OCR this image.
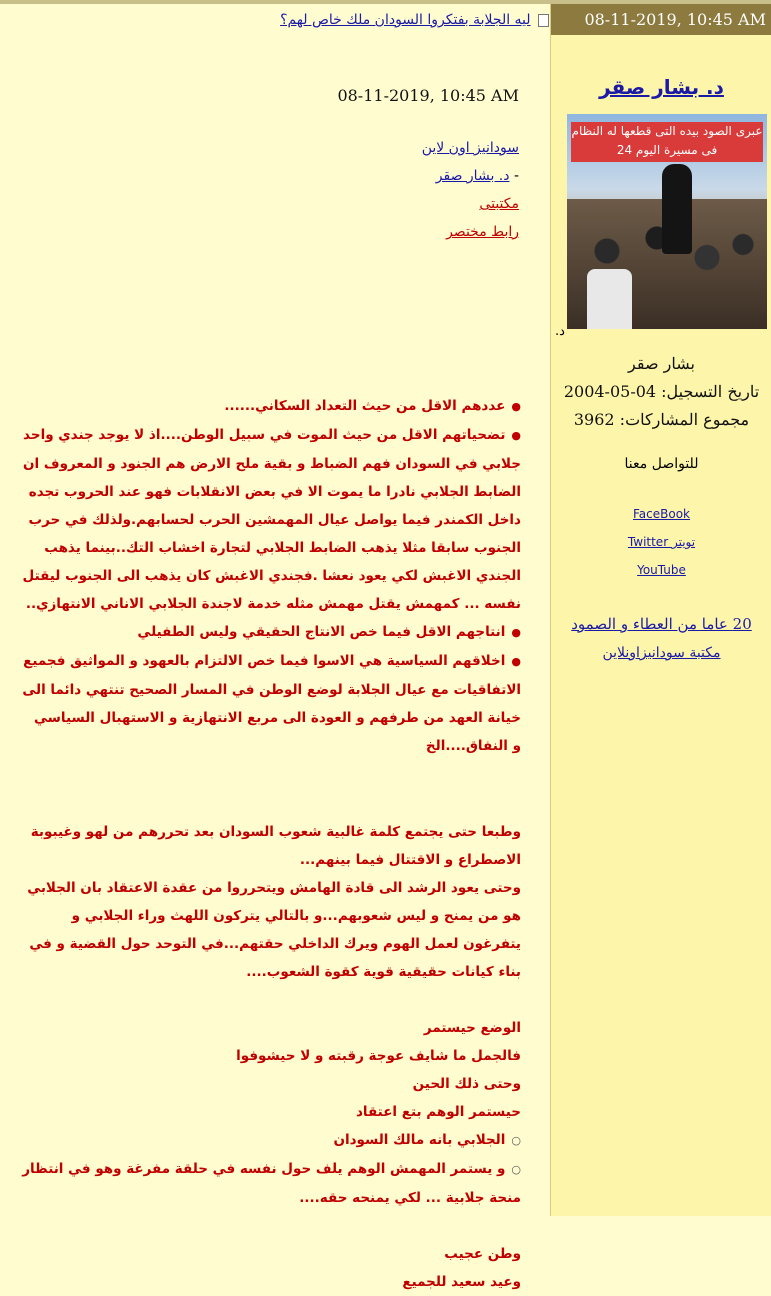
ليه الجلابة بفتكروا السودان ملك خاص لهم؟
08-11-2019, 10:45 AM
سودانيز اون لاين
- د. بشار صقر
مكتبتى
رابط مختصر

● عددهم الاقل من حيث التعداد السكاني......

● تضحياتهم الاقل من حيث الموت في سبيل الوطن....اذ لا يوجد جندي واحد جلابي في السودان فهم الضباط و بقية ملح الارض هم الجنود و المعروف ان الضابط الجلابي نادرا ما يموت الا في بعض الانقلابات فهو عند الحروب تجده داخل الكمندر فيما يواصل عيال المهمشين الحرب لحسابهم.ولذلك في حرب الجنوب سابقا مثلا يذهب الضابط الجلابي لتجارة اخشاب التك..بينما يذهب الجندي الاغبش لكي يعود نعشا .فجندي الاغبش كان يذهب الى الجنوب ليقتل نفسه ... كمهمش يقتل مهمش مثله خدمة لاجندة الجلابي الاناني الانتهازي..

● انتاجهم الاقل فيما خص الانتاج الحقيقي وليس الطفيلي

● اخلاقهم السياسية هي الاسوا فيما خص الالتزام بالعهود و المواثيق فجميع الاتفاقيات مع عيال الجلابة لوضع الوطن في المسار الصحيح تنتهي دائما الى خيانة العهد من طرفهم و العودة الى مربع الانتهازية و الاستهبال السياسي و النفاق....الخ

وطبعا حتى يجتمع كلمة غالبية شعوب السودان بعد تحررهم من لهو وغيبوبة الاصطراع و الاقتتال فيما بينهم...

وحتى يعود الرشد الى قادة الهامش ويتحرروا من عقدة الاعتقاد بان الجلابي هو من يمنح و ليس شعوبهم...و بالتالي يتركون اللهث وراء الجلابي و يتفرغون لعمل الهوم ويرك الداخلي حقتهم...في التوحد حول القضية و في بناء كيانات حقيقية قوية كقوة الشعوب....

الوضع حيستمر

فالجمل ما شايف عوجة رقبته و لا حيشوفوا

وحتى ذلك الحين

حيستمر الوهم بتع اعتقاد

○ الجلابي بانه مالك السودان

○ و يستمر المهمش الوهم يلف حول نفسه في حلقة مفرغة وهو في انتظار منحة جلابية ... لكي يمنحه حقه....

وطن عجيب

وعيد سعيد للجميع

08-11-2019, 10:45 AM
د. بشار صقر
عبرى الصود بيده التى قطعها له النظام فى مسيرة اليوم 24
.د
بشار صقر
تاريخ التسجيل: 04-05-2004
مجموع المشاركات: 3962
للتواصل معنا
FaceBook
Twitter تويتر
YouTube
20 عاما من العطاء و الصمود
مكتبة سودانيزاونلاين
